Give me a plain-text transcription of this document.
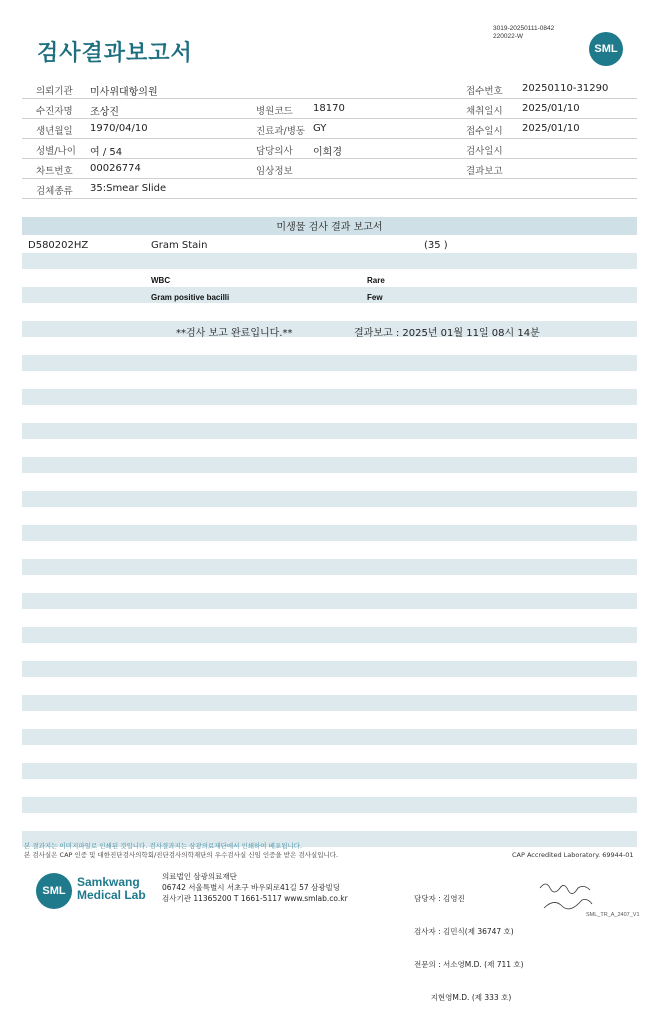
검사결과보고서
3019-20250111-0842
220022-W
SML
의뢰기관 미사위대항의원	접수번호 20250110-31290
수진자명 조상진	병원코드 18170	채취일시 2025/01/10
생년월일 1970/04/10	진료과/병동 GY	접수일시 2025/01/10
성별/나이 여 / 54	담당의사 이희경	검사일시
차트번호 00026774	임상정보	결과보고
검체종류 35:Smear Slide
미생물 검사 결과 보고서
D580202HZ	Gram Stain	(35 )
WBC	Rare
Gram positive bacilli	Few
**검사 보고 완료입니다.**	결과보고 : 2025년 01월 11일 08시 14분
본 결과지는 이미지파일로 인쇄된 것입니다. 검사결과지는 삼광의료재단에서 인쇄하여 배포됩니다.
본 검사실은 CAP 인증 및 대한진단검사의학회/진단검사의학재단의 우수검사실 신임 인증을 받은 검사실입니다.	CAP Accredited Laboratory. 69944-01
SML
Samkwang
Medical Lab
의료법인 삼광의료재단
06742 서울특별시 서초구 바우뫼로41길 57 삼광빌딩
검사기관 11365200 T 1661-5117 www.smlab.co.kr

	담당자 : 김영진

검사자 : 김민식(제 36747 호)

전문의 : 서소영M.D. (제 711 호)

지현영M.D. (제 333 호)

SML_TR_A_2407_V1
